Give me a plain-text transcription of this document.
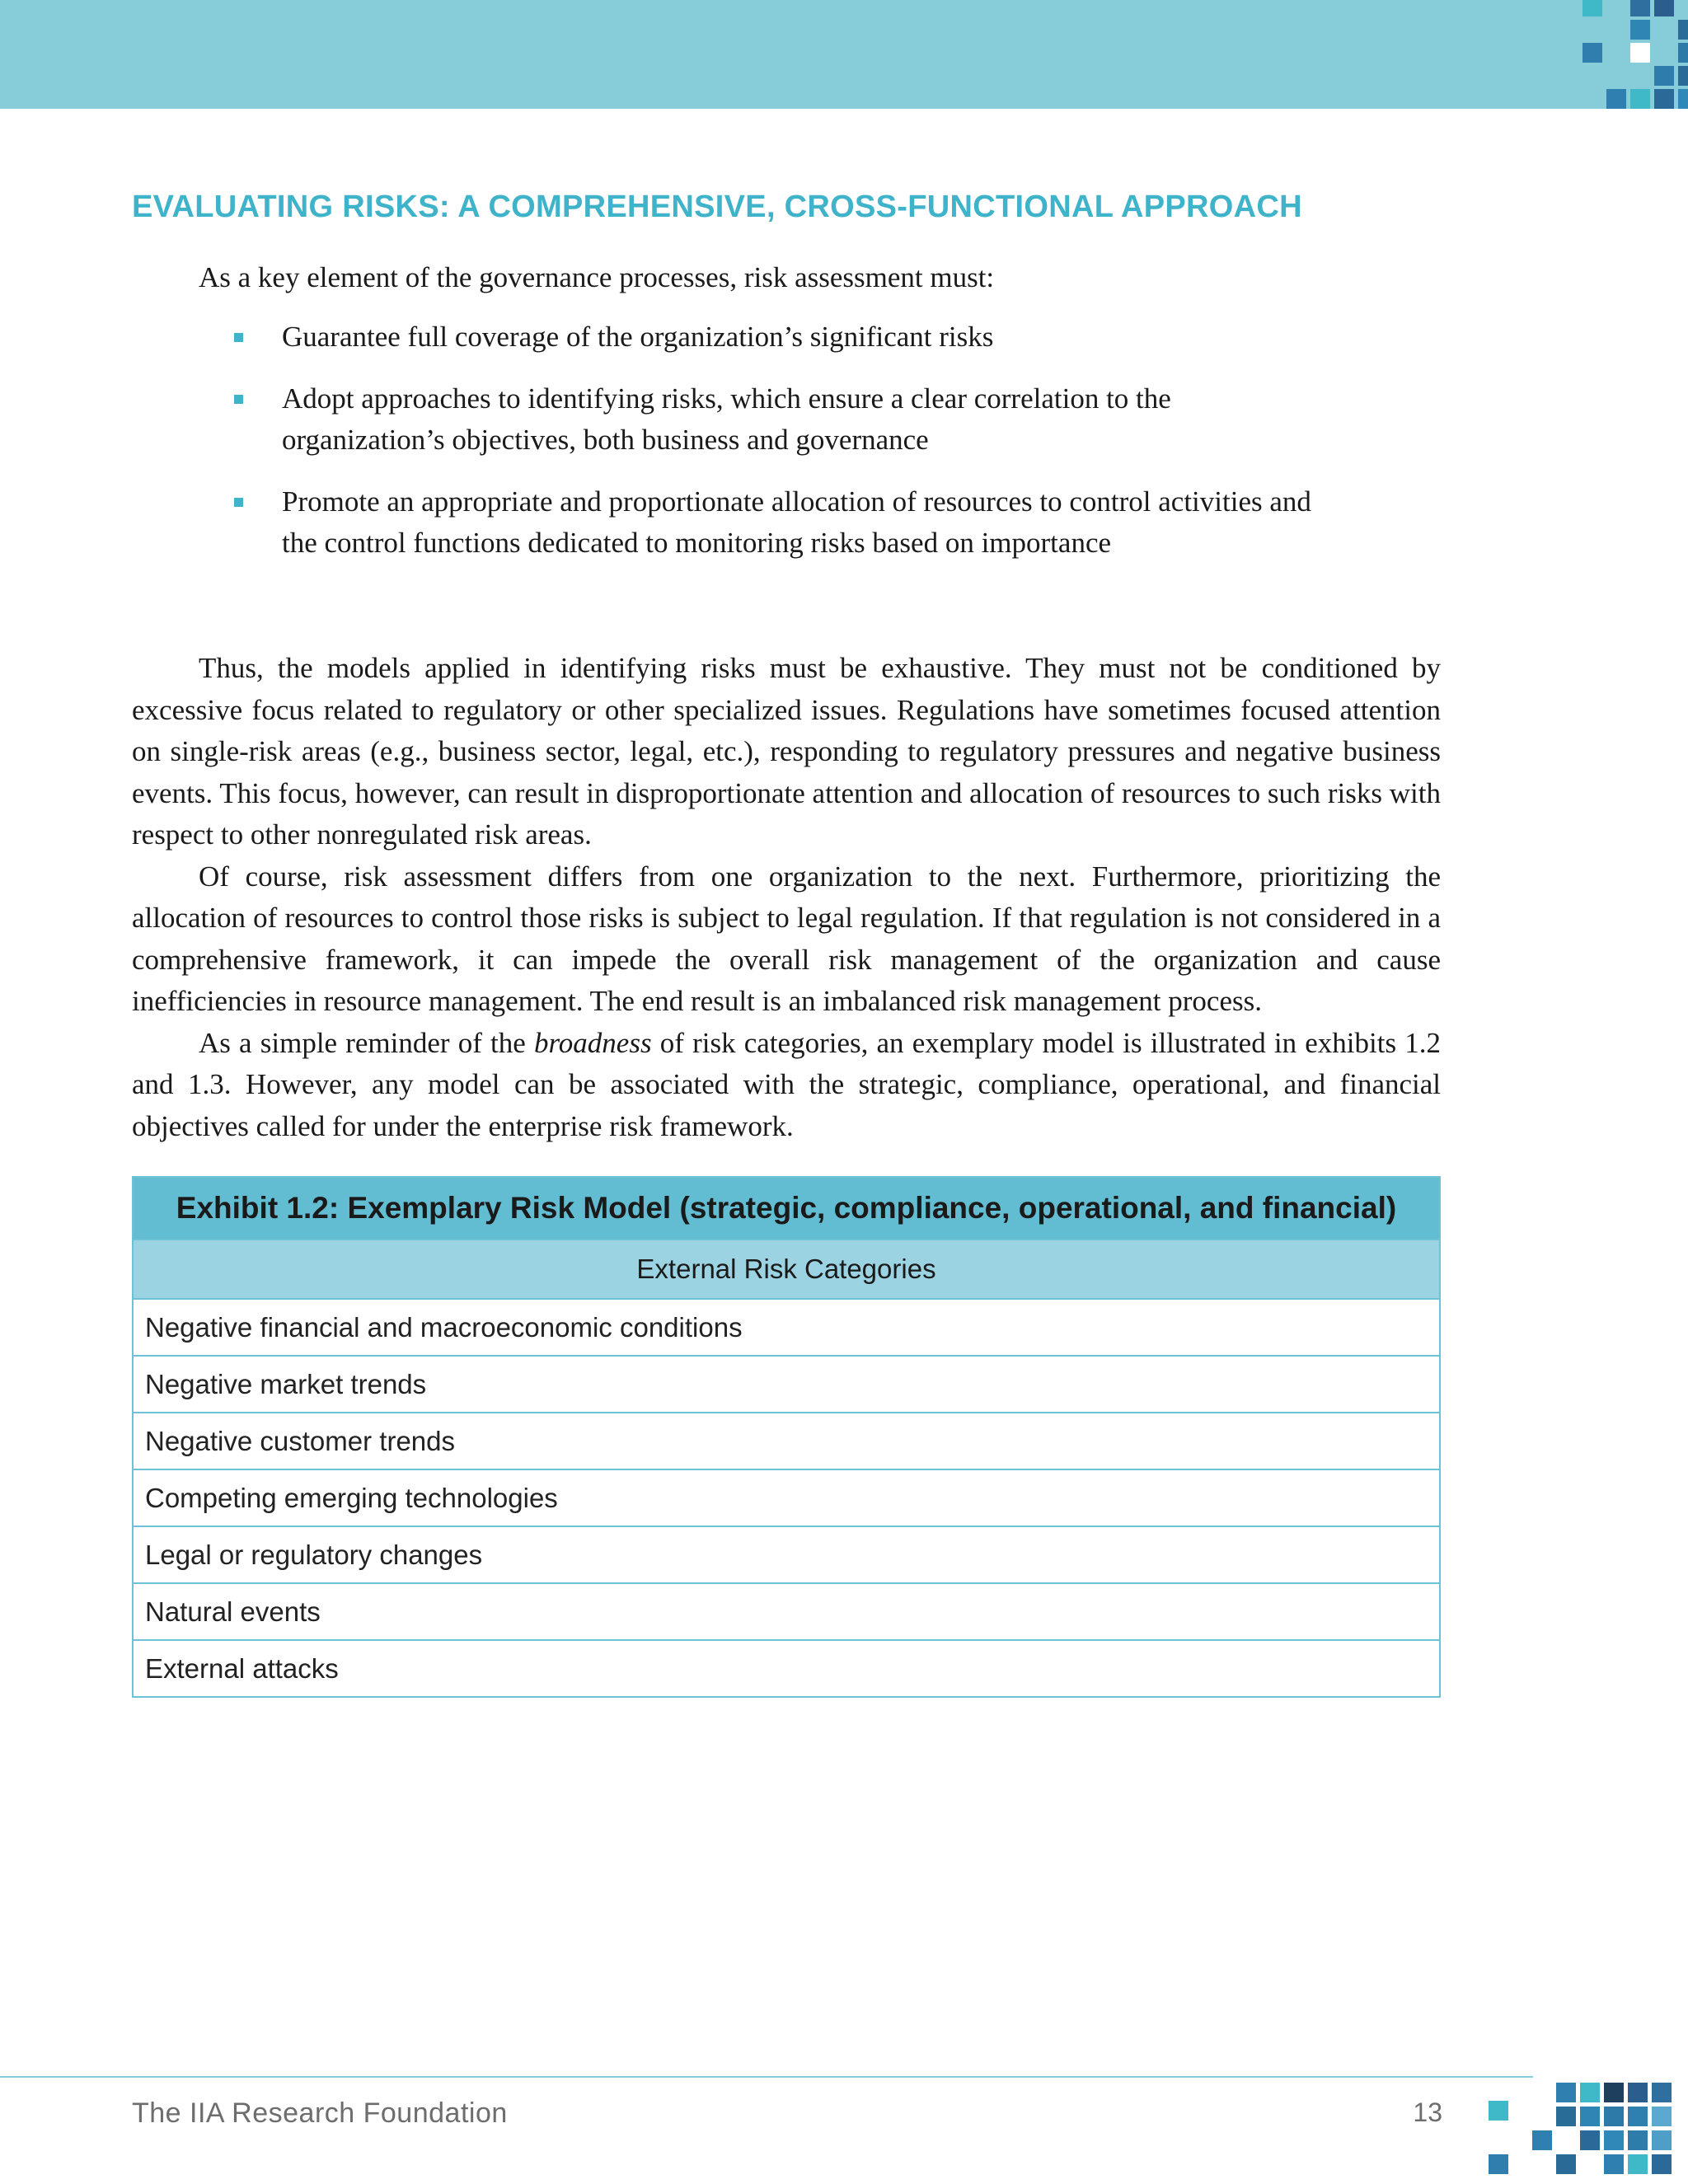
EVALUATING RISKS: A COMPREHENSIVE, CROSS-FUNCTIONAL APPROACH

As a key element of the governance processes, risk assessment must:

Guarantee full coverage of the organization’s significant risks
Adopt approaches to identifying risks, which ensure a clear correlation to the organization’s objectives, both business and governance
Promote an appropriate and proportionate allocation of resources to control activities and the control functions dedicated to monitoring risks based on importance

Thus, the models applied in identifying risks must be exhaustive. They must not be conditioned by excessive focus related to regulatory or other specialized issues. Regulations have sometimes focused attention on single-risk areas (e.g., business sector, legal, etc.), responding to regulatory pressures and negative business events. This focus, however, can result in disproportionate attention and allocation of resources to such risks with respect to other nonregulated risk areas.

Of course, risk assessment differs from one organization to the next. Furthermore, prioritizing the allocation of resources to control those risks is subject to legal regulation. If that regulation is not considered in a comprehensive framework, it can impede the overall risk management of the organization and cause inefficiencies in resource management. The end result is an imbalanced risk management process.

As a simple reminder of the broadness of risk categories, an exemplary model is illustrated in exhibits 1.2 and 1.3. However, any model can be associated with the strategic, compliance, operational, and financial objectives called for under the enterprise risk framework.

Exhibit 1.2: Exemplary Risk Model (strategic, compliance, operational, and financial)
External Risk Categories
Negative financial and macroeconomic conditions
Negative market trends
Negative customer trends
Competing emerging technologies
Legal or regulatory changes
Natural events
External attacks
The IIA Research Foundation	13
